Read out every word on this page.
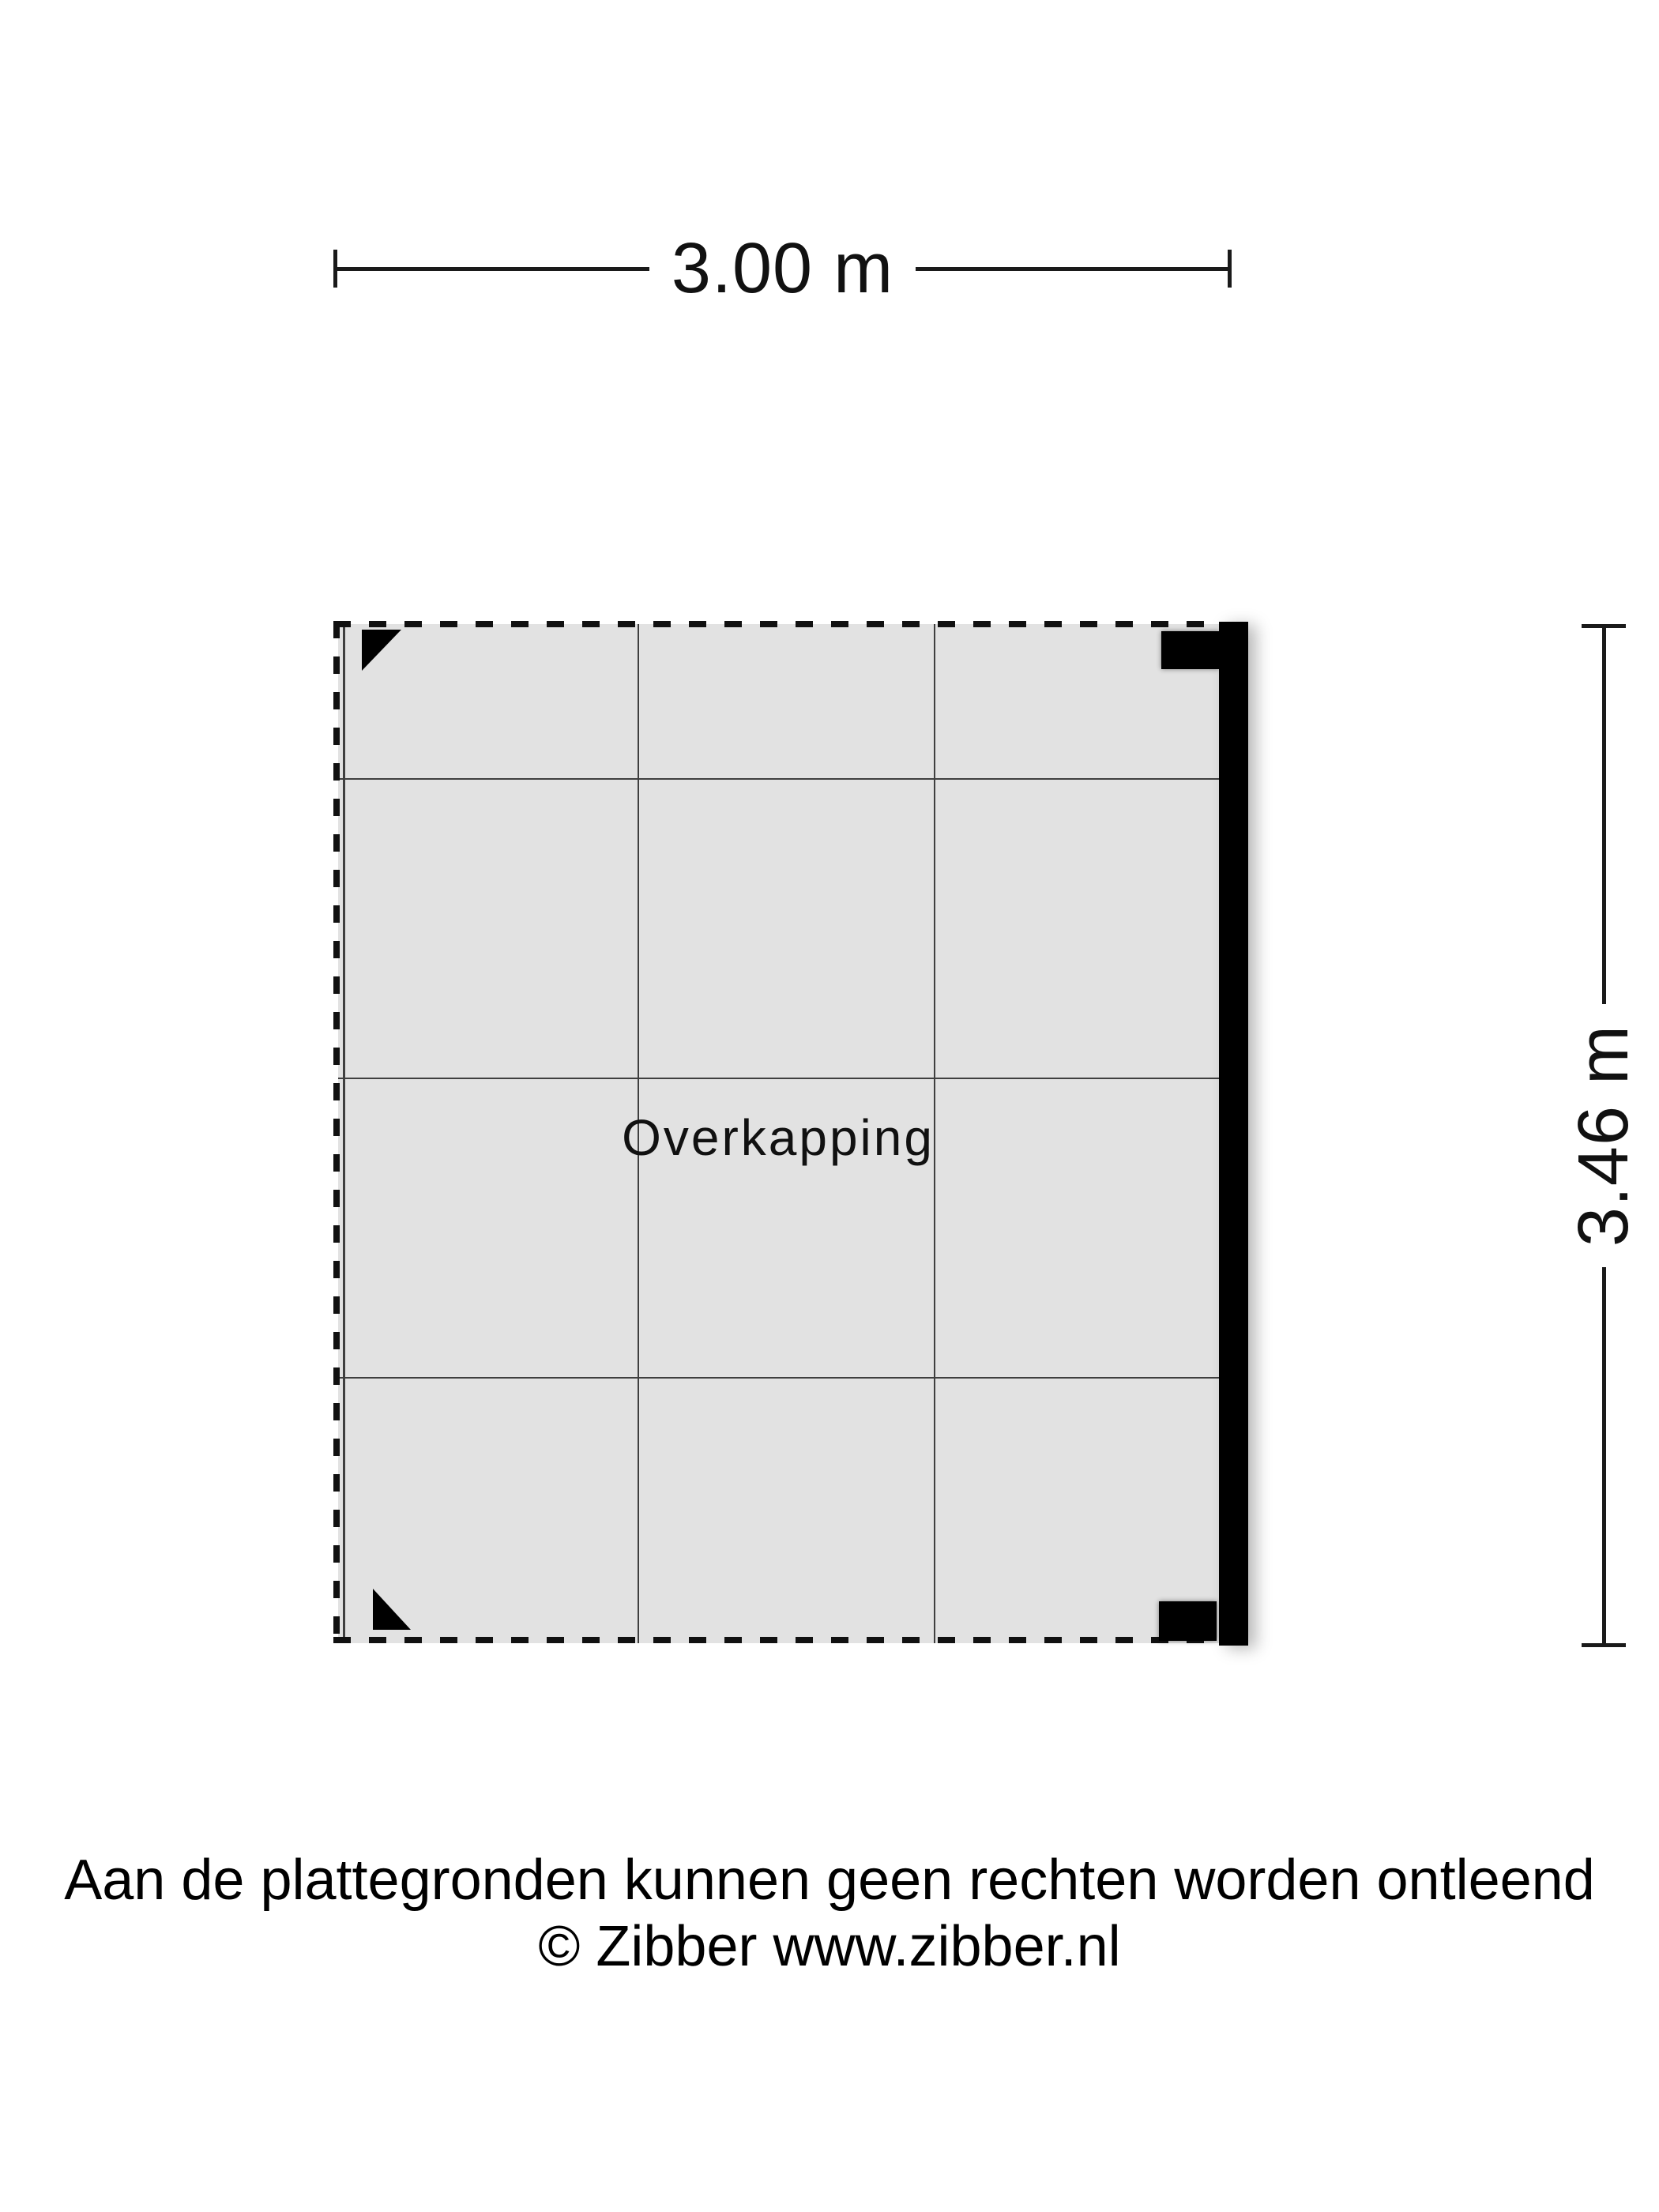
3.00 m
3.46 m
Overkapping
Aan de plattegronden kunnen geen rechten worden ontleend
© Zibber www.zibber.nl
